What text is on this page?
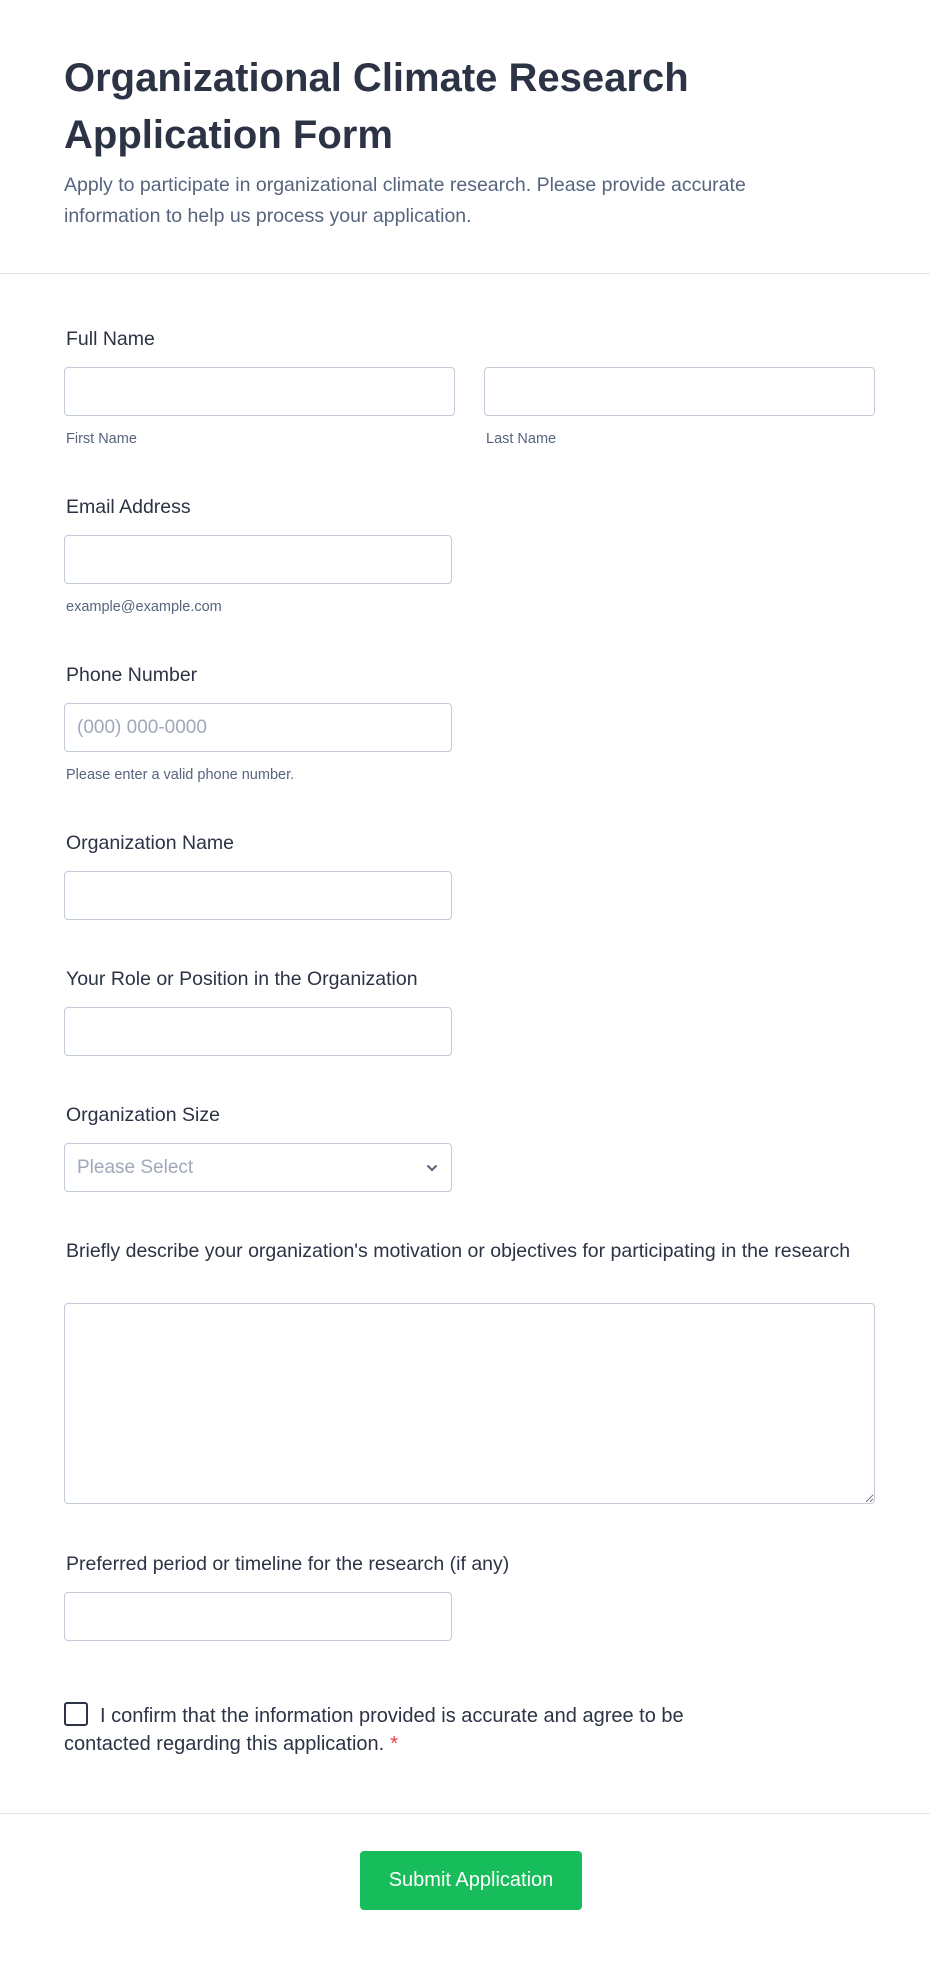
Organizational Climate Research Application Form
Apply to participate in organizational climate research. Please provide accurate information to help us process your application.
Full Name
First Name	Last Name
Email Address
example@example.com
Phone Number
(000) 000-0000
Please enter a valid phone number.
Organization Name
Your Role or Position in the Organization
Organization Size
Please Select
Briefly describe your organization's motivation or objectives for participating in the research
Preferred period or timeline for the research (if any)
I confirm that the information provided is accurate and agree to be contacted regarding this application. *
Submit Application
